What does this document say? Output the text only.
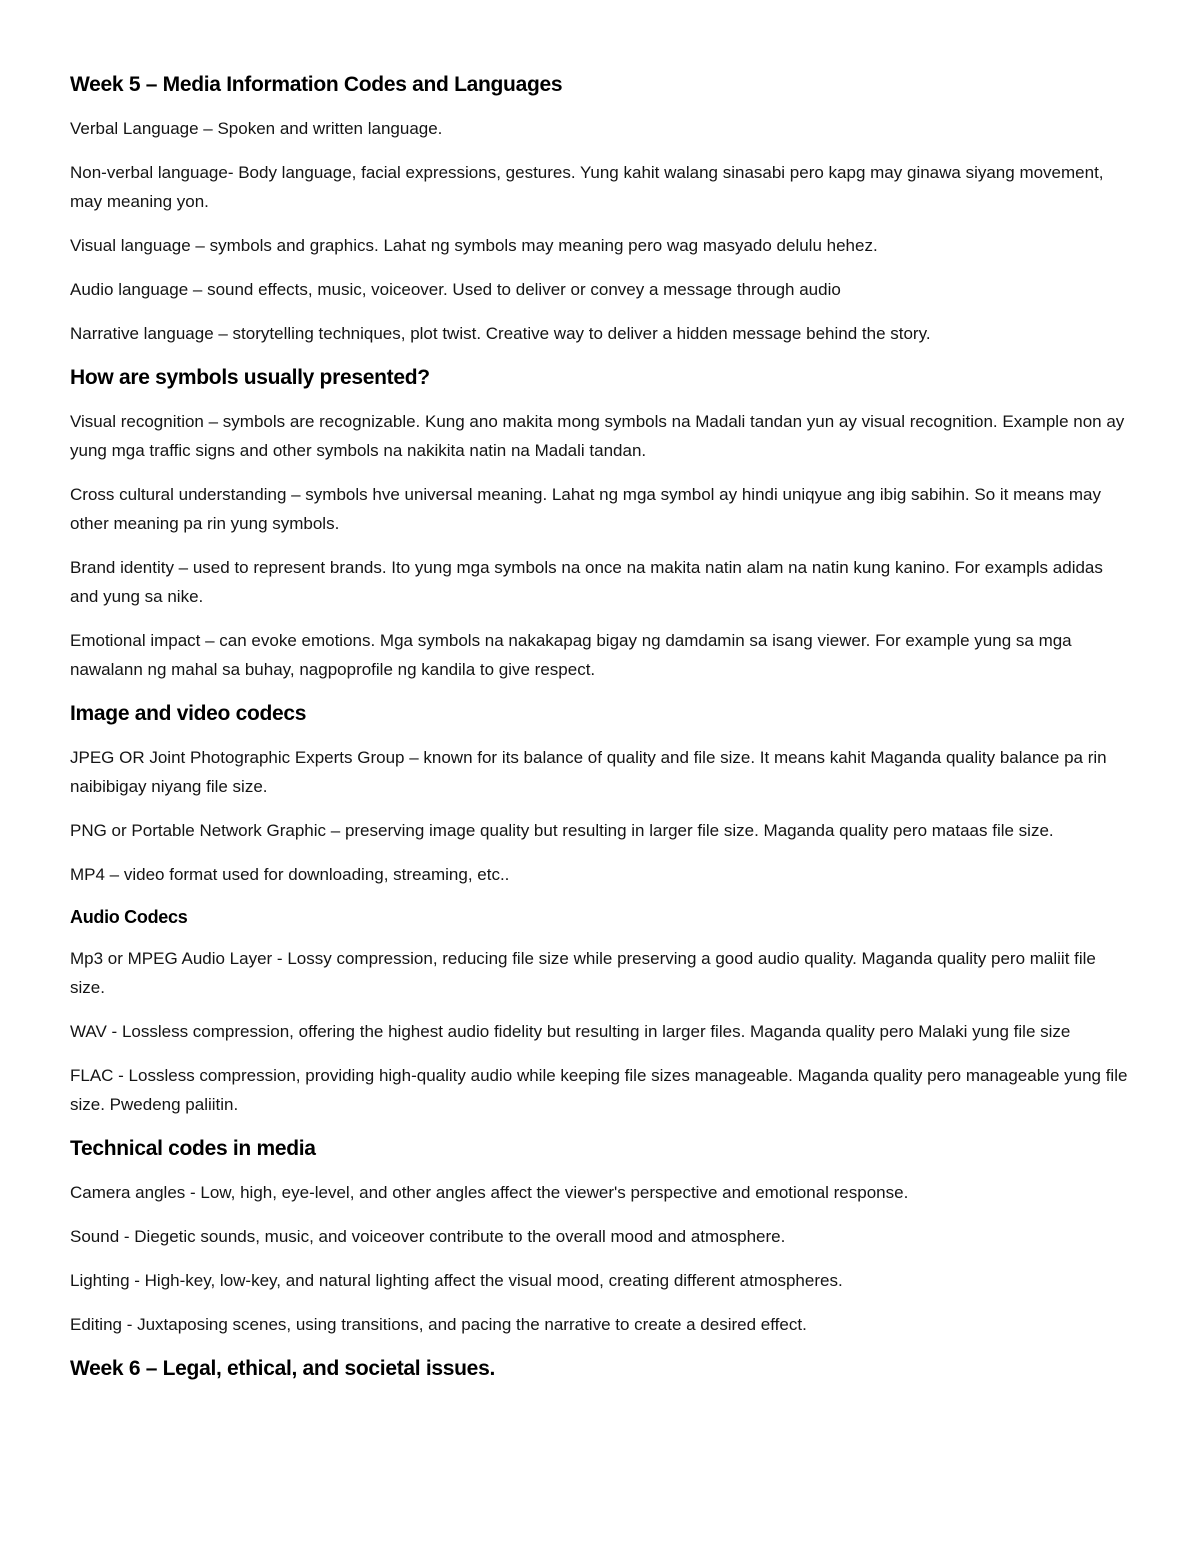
Week 5 – Media Information Codes and Languages

Verbal Language – Spoken and written language.

Non-verbal language- Body language, facial expressions, gestures. Yung kahit walang sinasabi pero kapg may ginawa siyang movement, may meaning yon.

Visual language – symbols and graphics. Lahat ng symbols may meaning pero wag masyado delulu hehez.

Audio language – sound effects, music, voiceover. Used to deliver or convey a message through audio

Narrative language – storytelling techniques, plot twist. Creative way to deliver a hidden message behind the story.

How are symbols usually presented?

Visual recognition – symbols are recognizable. Kung ano makita mong symbols na Madali tandan yun ay visual recognition. Example non ay yung mga traffic signs and other symbols na nakikita natin na Madali tandan.

Cross cultural understanding – symbols hve universal meaning. Lahat ng mga symbol ay hindi uniqyue ang ibig sabihin. So it means may other meaning pa rin yung symbols.

Brand identity – used to represent brands. Ito yung mga symbols na once na makita natin alam na natin kung kanino. For exampls adidas and yung sa nike.

Emotional impact – can evoke emotions. Mga symbols na nakakapag bigay ng damdamin sa isang viewer. For example yung sa mga nawalann ng mahal sa buhay, nagpoprofile ng kandila to give respect.

Image and video codecs

JPEG OR Joint Photographic Experts Group – known for its balance of quality and file size. It means kahit Maganda quality balance pa rin naibibigay niyang file size.

PNG or Portable Network Graphic – preserving image quality but resulting in larger file size. Maganda quality pero mataas file size.

MP4 – video format used for downloading, streaming, etc..

Audio Codecs

Mp3 or MPEG Audio Layer - Lossy compression, reducing file size while preserving a good audio quality. Maganda quality pero maliit file size.

WAV - Lossless compression, offering the highest audio fidelity but resulting in larger files. Maganda quality pero Malaki yung file size

FLAC - Lossless compression, providing high-quality audio while keeping file sizes manageable. Maganda quality pero manageable yung file size. Pwedeng paliitin.

Technical codes in media

Camera angles - Low, high, eye-level, and other angles affect the viewer's perspective and emotional response.

Sound - Diegetic sounds, music, and voiceover contribute to the overall mood and atmosphere.

Lighting - High-key, low-key, and natural lighting affect the visual mood, creating different atmospheres.

Editing - Juxtaposing scenes, using transitions, and pacing the narrative to create a desired effect.

Week 6 – Legal, ethical, and societal issues.
